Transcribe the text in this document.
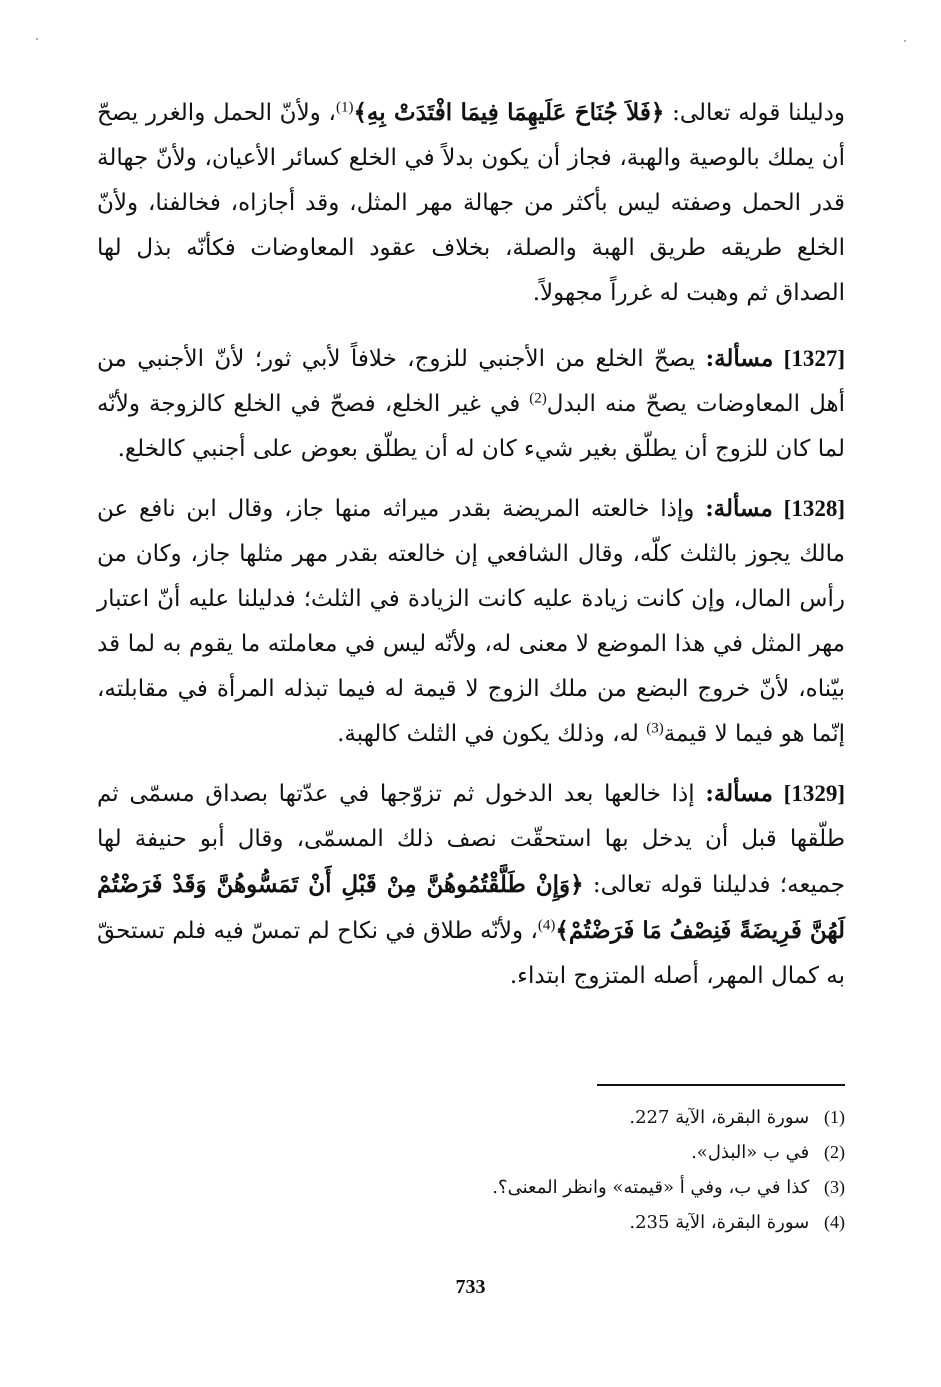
ودليلنا قوله تعالى: ﴿فَلاَ جُنَاحَ عَلَيهِمَا فِيمَا افْتَدَتْ بِهِ﴾$^{(1)}$، ولأنّ الحمل والغرر يصحّ أن يملك بالوصية والهبة، فجاز أن يكون بدلاً في الخلع كسائر الأعيان، ولأنّ جهالة قدر الحمل وصفته ليس بأكثر من جهالة مهر المثل، وقد أجازاه، فخالفنا، ولأنّ الخلع طريقه طريق الهبة والصلة، بخلاف عقود المعاوضات فكأنّه بذل لها الصداق ثم وهبت له غرراً مجهولاً.

[1327] مسألة: يصحّ الخلع من الأجنبي للزوج، خلافاً لأبي ثور؛ لأنّ الأجنبي من أهل المعاوضات يصحّ منه البدل$^{(2)}$ في غير الخلع، فصحّ في الخلع كالزوجة ولأنّه لما كان للزوج أن يطلّق بغير شيء كان له أن يطلّق بعوض على أجنبي كالخلع.

[1328] مسألة: وإذا خالعته المريضة بقدر ميراثه منها جاز، وقال ابن نافع عن مالك يجوز بالثلث كلّه، وقال الشافعي إن خالعته بقدر مهر مثلها جاز، وكان من رأس المال، وإن كانت زيادة عليه كانت الزيادة في الثلث؛ فدليلنا عليه أنّ اعتبار مهر المثل في هذا الموضع لا معنى له، ولأنّه ليس في معاملته ما يقوم به لما قد بيّناه، لأنّ خروج البضع من ملك الزوج لا قيمة له فيما تبذله المرأة في مقابلته، إنّما هو فيما لا قيمة$^{(3)}$ له، وذلك يكون في الثلث كالهبة.

[1329] مسألة: إذا خالعها بعد الدخول ثم تزوّجها في عدّتها بصداق مسمّى ثم طلّقها قبل أن يدخل بها استحقّت نصف ذلك المسمّى، وقال أبو حنيفة لها جميعه؛ فدليلنا قوله تعالى: ﴿وَإِنْ طَلَّقْتُمُوهُنَّ مِنْ قَبْلِ أَنْ تَمَسُّوهُنَّ وَقَدْ فَرَضْتُمْ لَهُنَّ فَرِيضَةً فَنِصْفُ مَا فَرَضْتُمْ﴾$^{(4)}$، ولأنّه طلاق في نكاح لم تمسّ فيه فلم تستحقّ به كمال المهر، أصله المتزوج ابتداء.

(1) سورة البقرة، الآية 227.
(2) في ب «البذل».
(3) كذا في ب، وفي أ «قيمته» وانظر المعنى؟.
(4) سورة البقرة، الآية 235.
733
